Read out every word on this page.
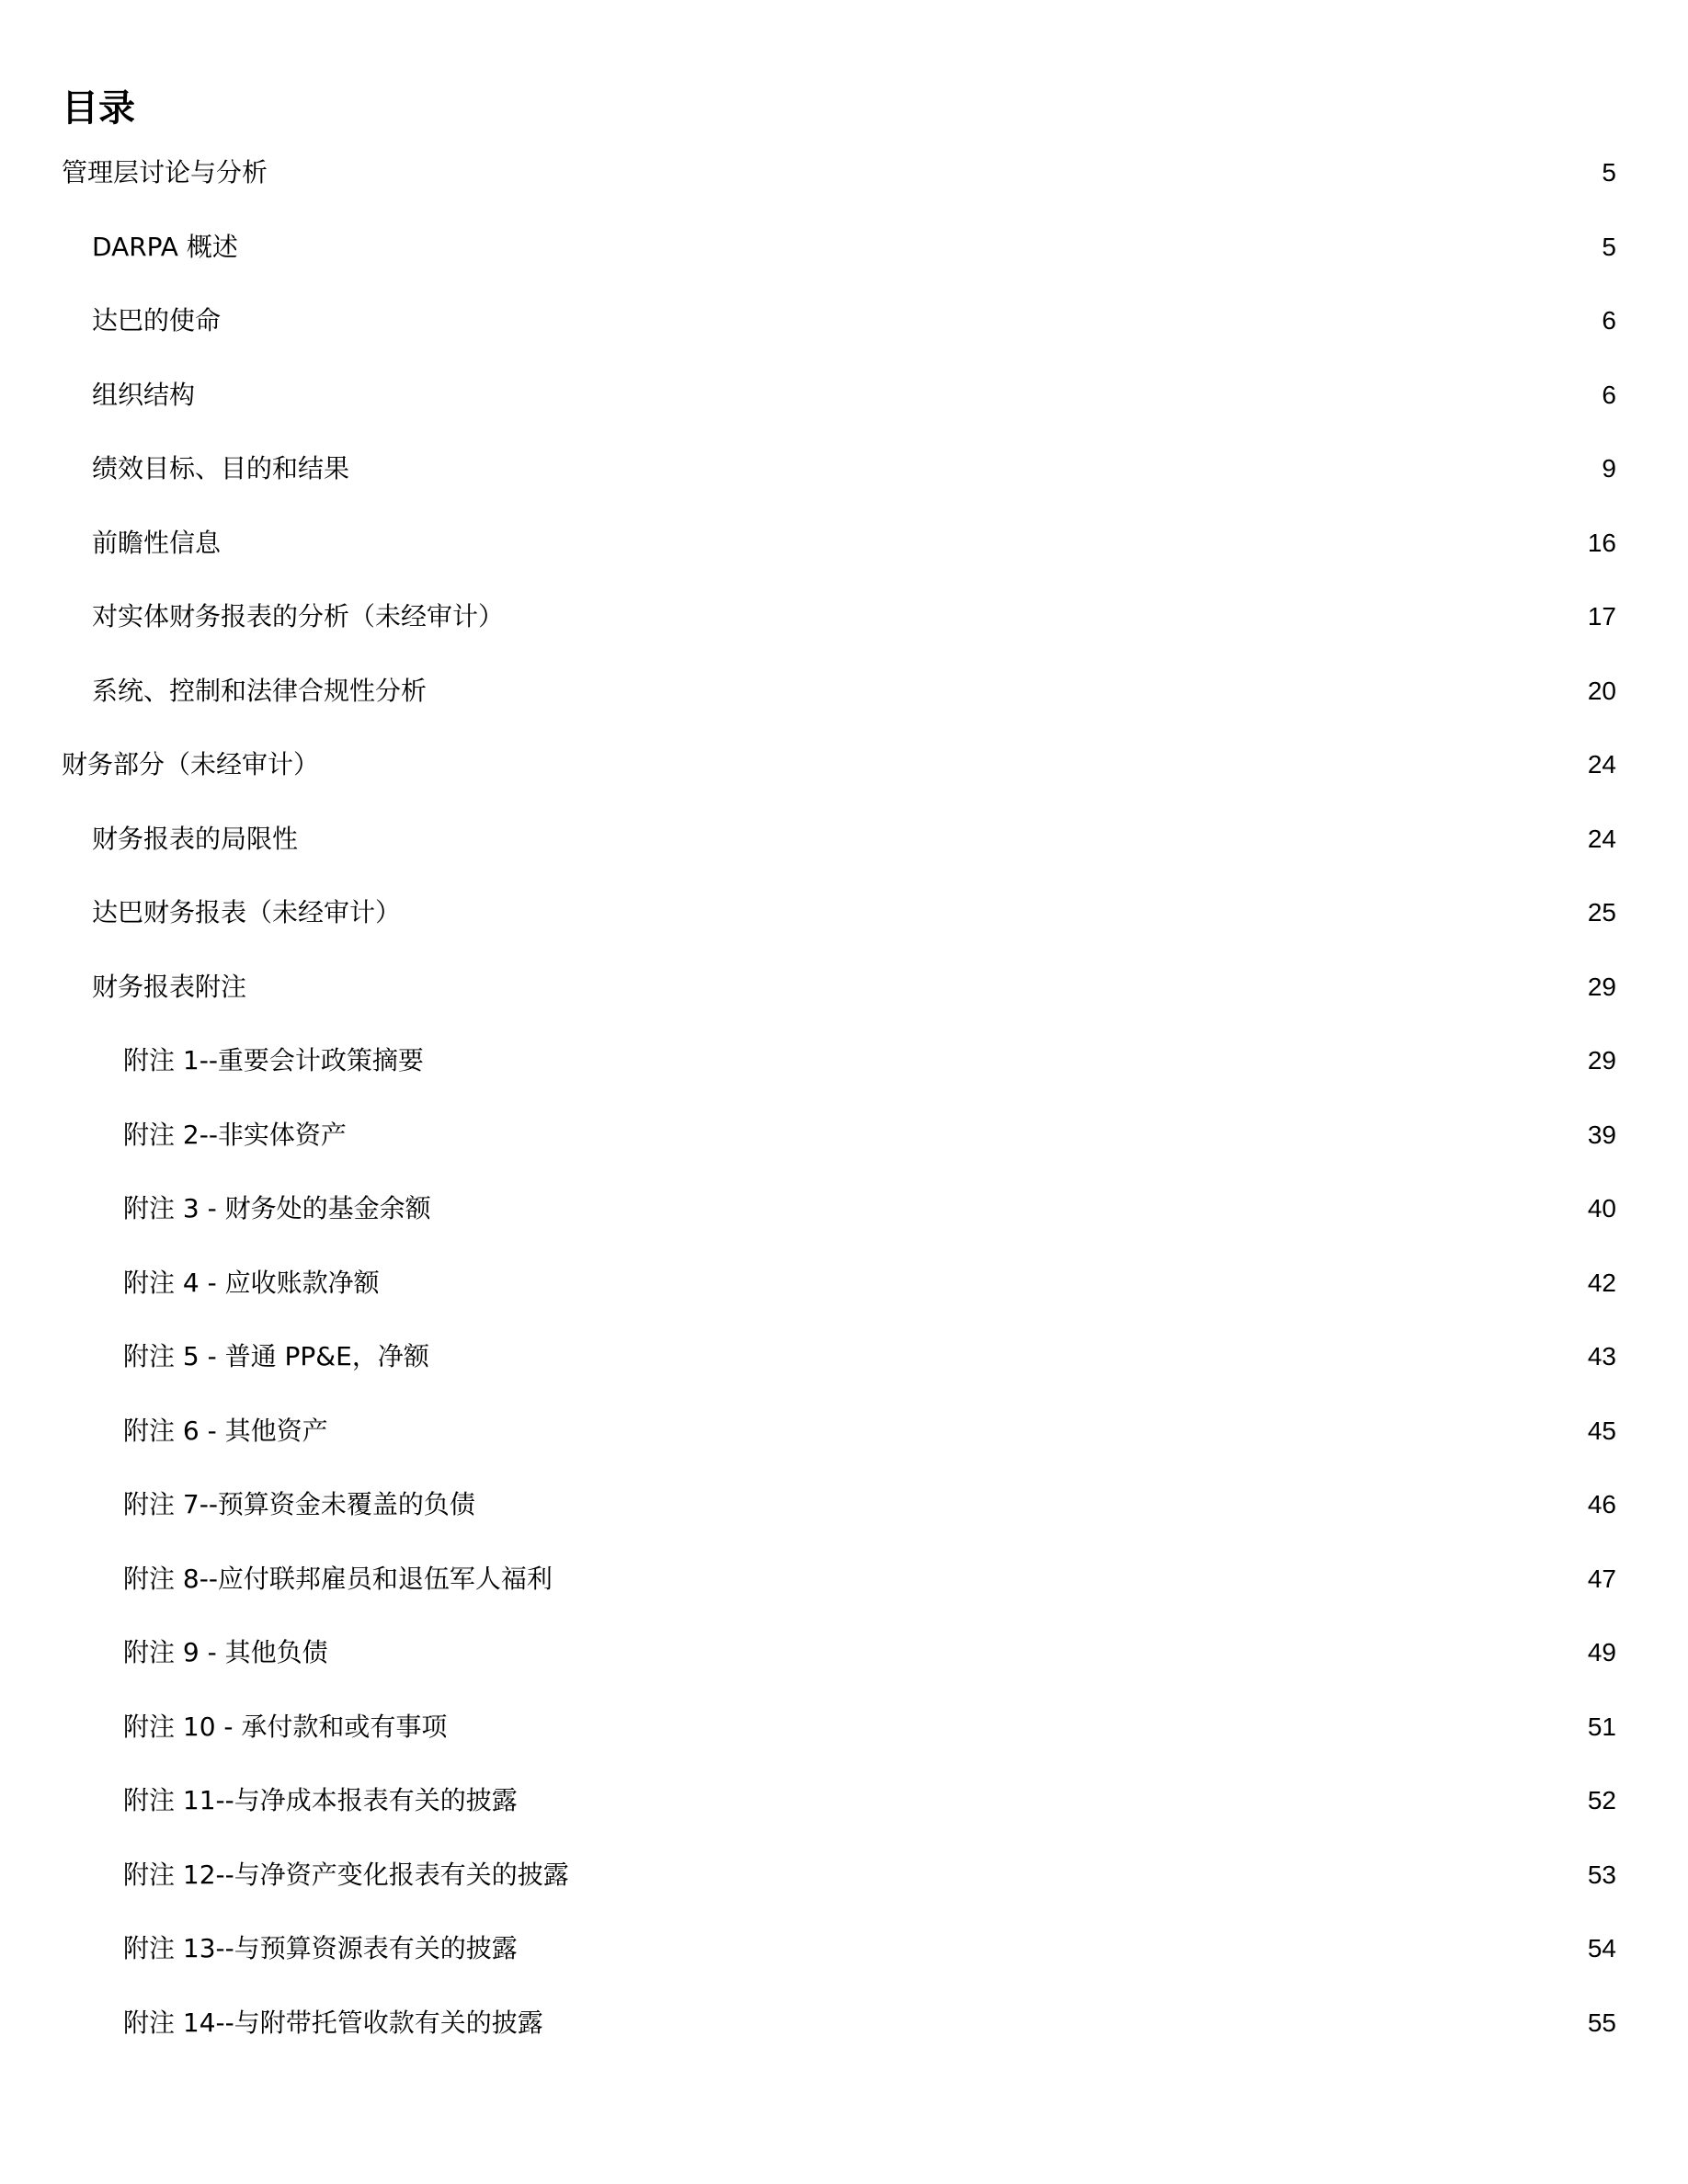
目录
管理层讨论与分析	5
DARPA 概述	5
达巴的使命	6
组织结构	6
绩效目标、目的和结果	9
前瞻性信息	16
对实体财务报表的分析（未经审计）	17
系统、控制和法律合规性分析	20
财务部分（未经审计）	24
财务报表的局限性	24
达巴财务报表（未经审计）	25
财务报表附注	29
附注 1--重要会计政策摘要	29
附注 2--非实体资产	39
附注 3 - 财务处的基金余额	40
附注 4 - 应收账款净额	42
附注 5 - 普通 PP&E，净额	43
附注 6 - 其他资产	45
附注 7--预算资金未覆盖的负债	46
附注 8--应付联邦雇员和退伍军人福利	47
附注 9 - 其他负债	49
附注 10 - 承付款和或有事项	51
附注 11--与净成本报表有关的披露	52
附注 12--与净资产变化报表有关的披露	53
附注 13--与预算资源表有关的披露	54
附注 14--与附带托管收款有关的披露	55
